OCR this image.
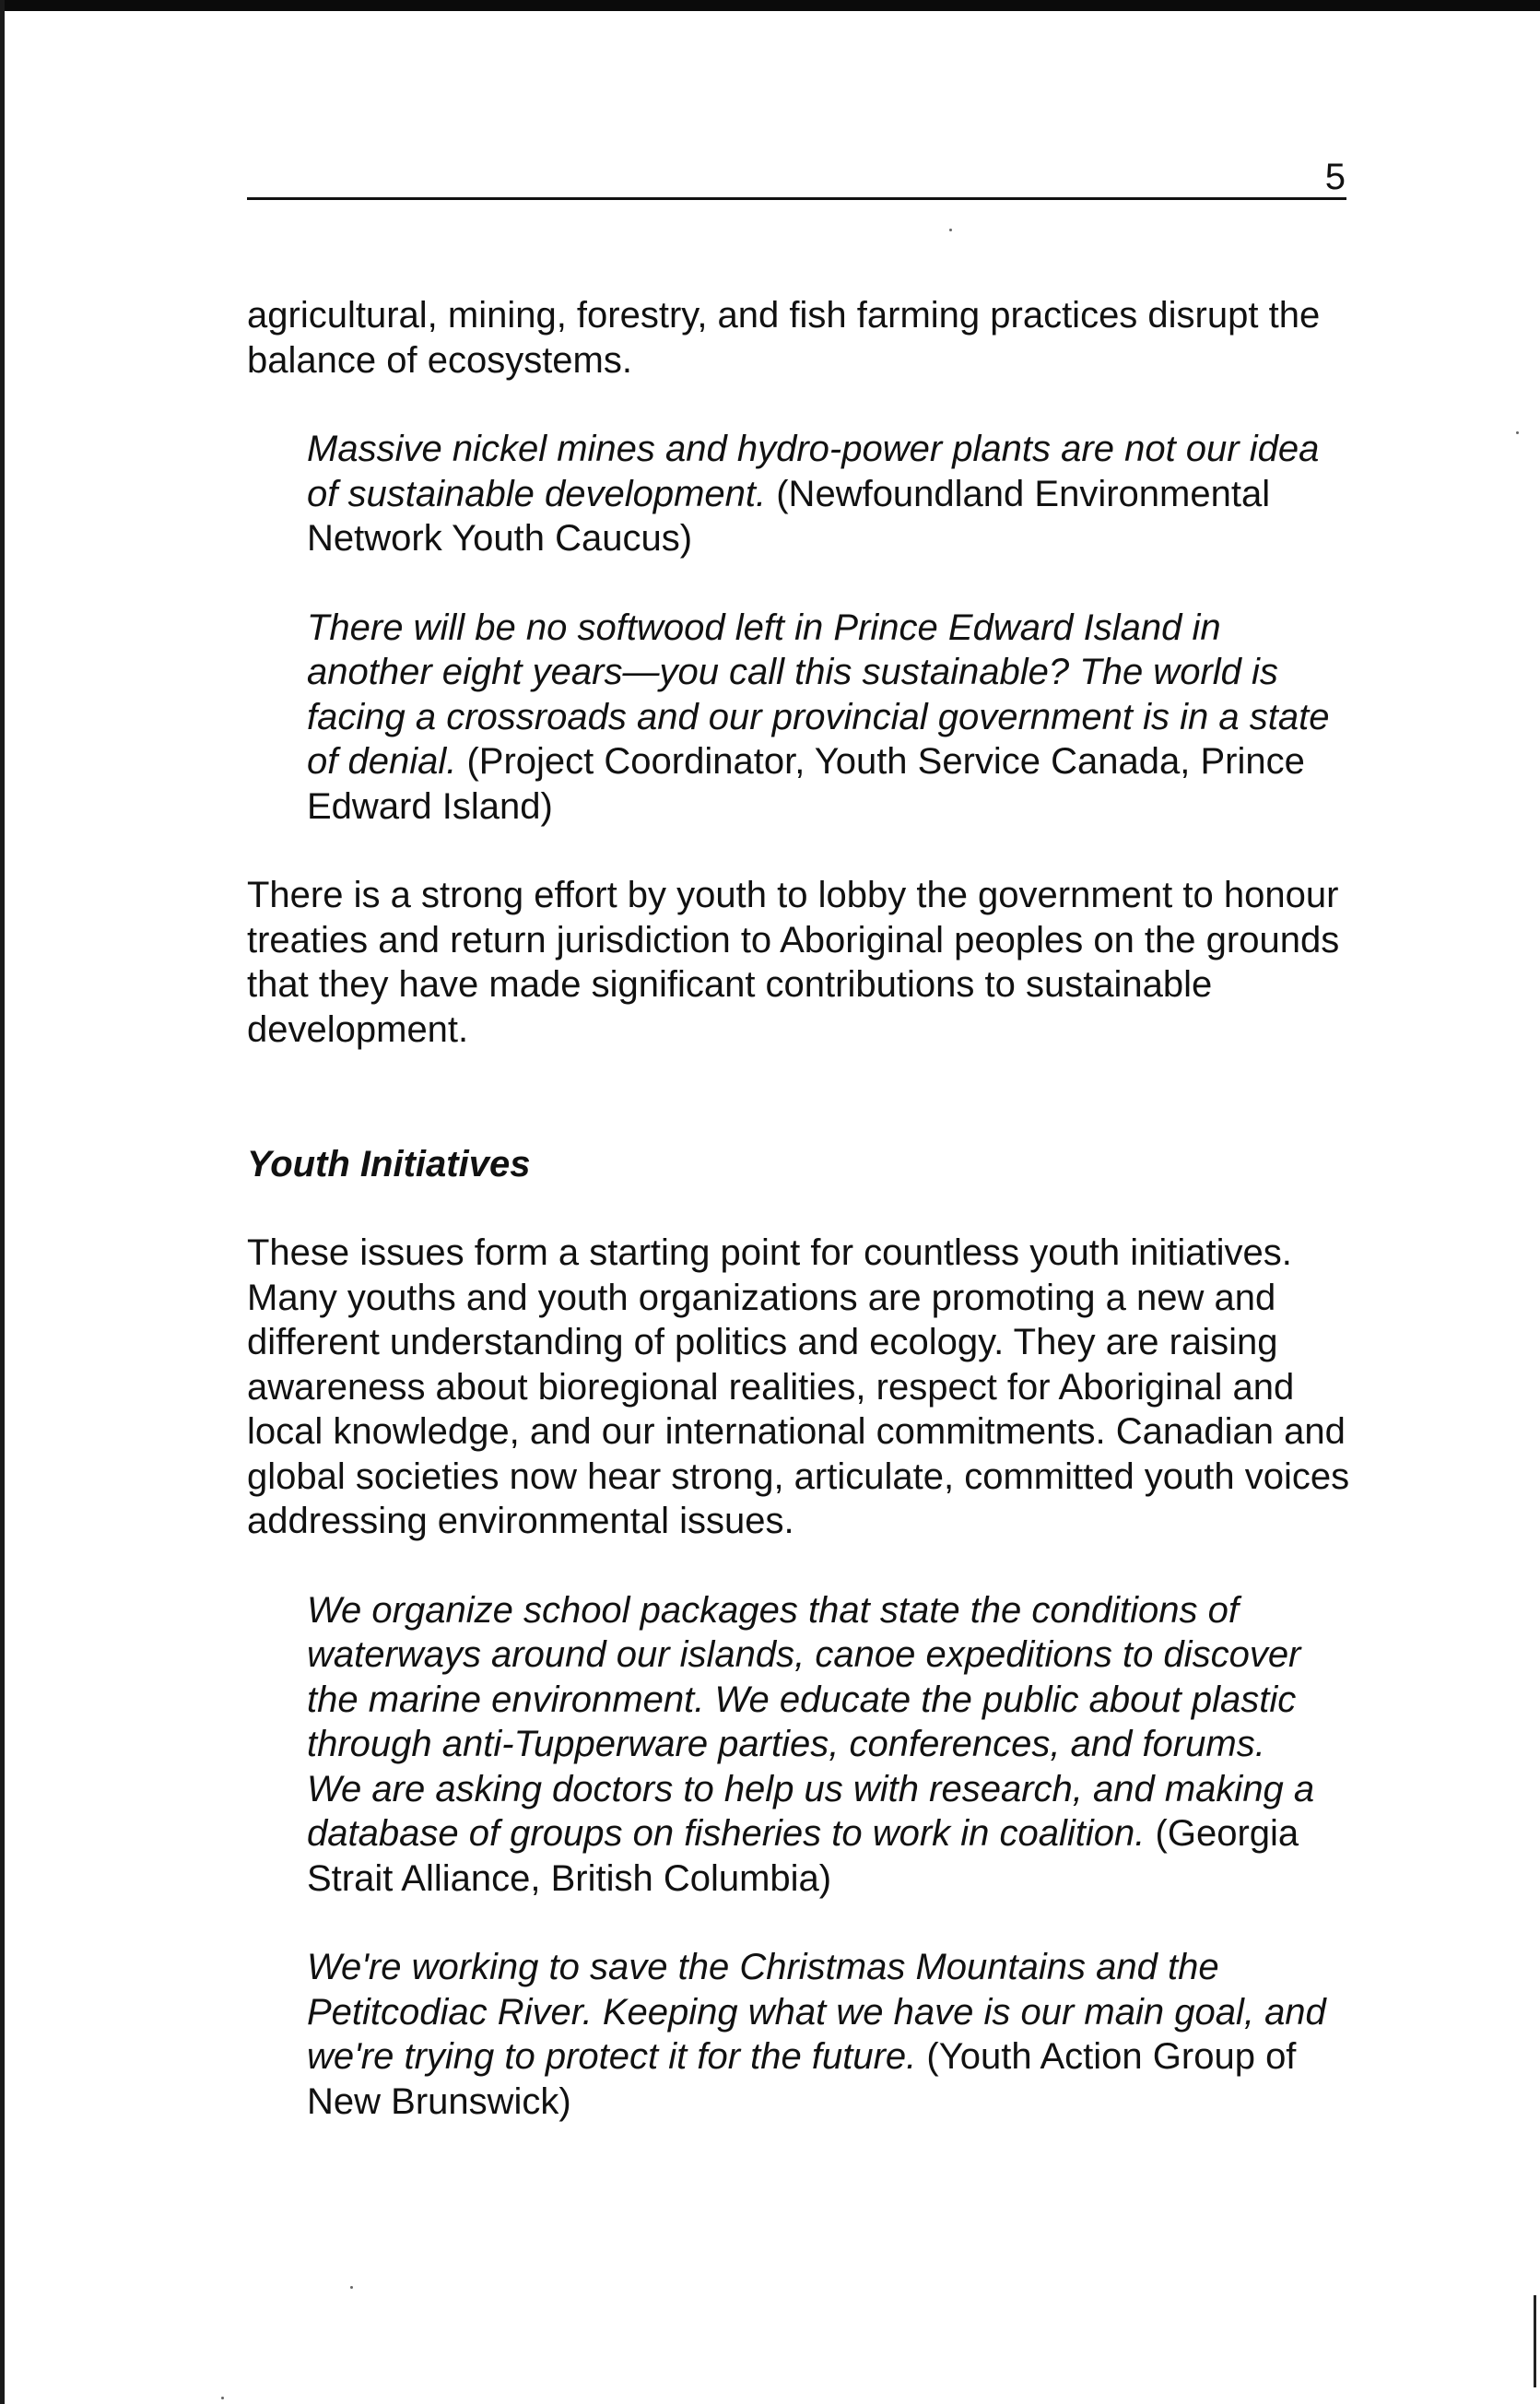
5

agricultural, mining, forestry, and fish farming practices disrupt the balance of ecosystems.

Massive nickel mines and hydro-power plants are not our idea of sustainable development. (Newfoundland Environmental Network Youth Caucus)

There will be no softwood left in Prince Edward Island in another eight years—you call this sustainable? The world is facing a crossroads and our provincial government is in a state of denial. (Project Coordinator, Youth Service Canada, Prince Edward Island)

There is a strong effort by youth to lobby the government to honour treaties and return jurisdiction to Aboriginal peoples on the grounds that they have made significant contributions to sustainable development.

Youth Initiatives

These issues form a starting point for countless youth initiatives. Many youths and youth organizations are promoting a new and different understanding of politics and ecology. They are raising awareness about bioregional realities, respect for Aboriginal and local knowledge, and our international commitments. Canadian and global societies now hear strong, articulate, committed youth voices addressing environmental issues.

We organize school packages that state the conditions of waterways around our islands, canoe expeditions to discover the marine environment. We educate the public about plastic through anti-Tupperware parties, conferences, and forums. We are asking doctors to help us with research, and making a database of groups on fisheries to work in coalition. (Georgia Strait Alliance, British Columbia)

We're working to save the Christmas Mountains and the Petitcodiac River. Keeping what we have is our main goal, and we're trying to protect it for the future. (Youth Action Group of New Brunswick)
